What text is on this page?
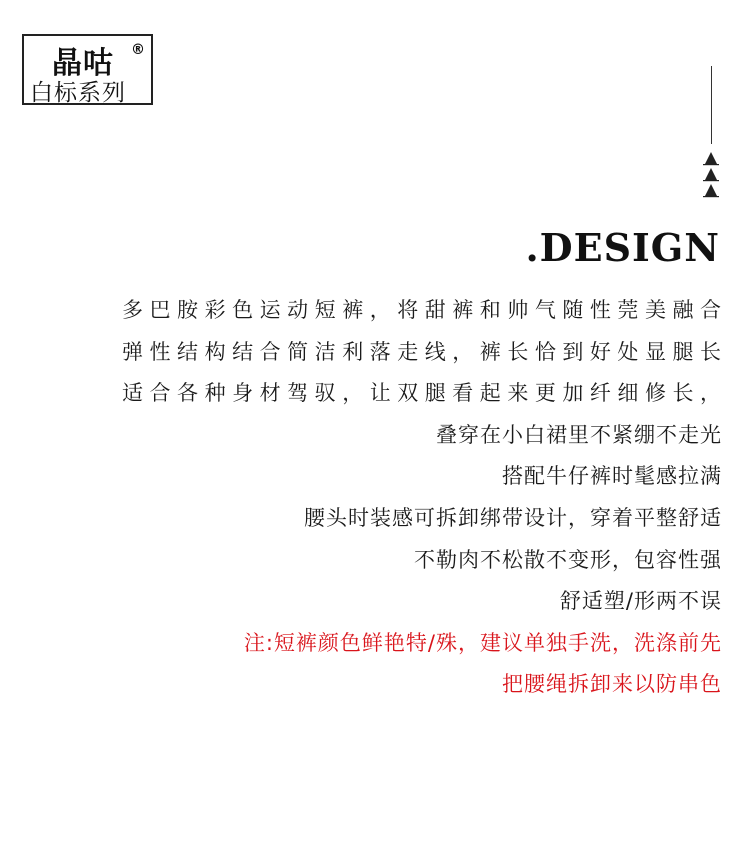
晶咕 ®
白标系列
.DESIGN
多巴胺彩色运动短裤，将甜裤和帅气随性莞美融合
弹性结构结合简洁利落走线，裤长恰到好处显腿长
适合各种身材驾驭，让双腿看起来更加纤细修长，
叠穿在小白裙里不紧绷不走光
搭配牛仔裤时髦感拉满
腰头时装感可拆卸绑带设计，穿着平整舒适
不勒肉不松散不变形，包容性强
舒适塑/形两不误
注:短裤颜色鲜艳特/殊，建议单独手洗，洗涤前先
把腰绳拆卸来以防串色
